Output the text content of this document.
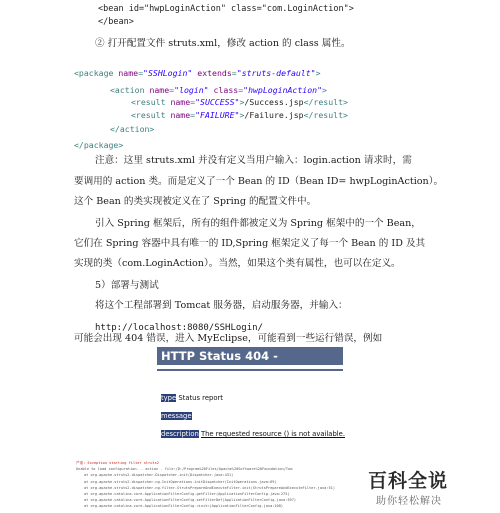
<bean id="hwpLoginAction" class="com.LoginAction">
</bean>
② 打开配置文件 struts.xml，修改 action 的 class 属性。
<package name="SSHLogin" extends="struts-default">
<action name="login" class="hwpLoginAction">
<result name="SUCCESS">/Success.jsp</result>
<result name="FAILURE">/Failure.jsp</result>
</action>
</package>
注意：这里 struts.xml 并没有定义当用户输入：login.action 请求时，需
要调用的 action 类。而是定义了一个 Bean 的 ID（Bean ID= hwpLoginAction）。
这个 Bean 的类实现被定义在了 Spring 的配置文件中。
引入 Spring 框架后，所有的组件都被定义为 Spring 框架中的一个 Bean，
它们在 Spring 容器中具有唯一的 ID,Spring 框架定义了每一个 Bean 的 ID 及其
实现的类（com.LoginAction）。当然，如果这个类有属性，也可以在定义。
5）部署与测试
将这个工程部署到 Tomcat 服务器，启动服务器，并输入：
http://localhost:8080/SSHLogin/
可能会出现 404 错误，进入 MyEclipse，可能看到一些运行错误，例如
HTTP Status 404 -
type Status report
message
description The requested resource () is not available.
严重: Exception starting filter struts2
Unable to load configuration. - action - file:/D:/Program%20Files/Apache%20Software%20Foundation/Tom
at org.apache.struts2.dispatcher.Dispatcher.init(Dispatcher.java:431)
at org.apache.struts2.dispatcher.ng.InitOperations.initDispatcher(InitOperations.java:69)
at org.apache.struts2.dispatcher.ng.filter.StrutsPrepareAndExecuteFilter.init(StrutsPrepareAndExecuteFilter.java:51)
at org.apache.catalina.core.ApplicationFilterConfig.getFilter(ApplicationFilterConfig.java:275)
at org.apache.catalina.core.ApplicationFilterConfig.setFilterDef(ApplicationFilterConfig.java:397)
at org.apache.catalina.core.ApplicationFilterConfig.<init>(ApplicationFilterConfig.java:108)
百科全说
助你轻松解决
